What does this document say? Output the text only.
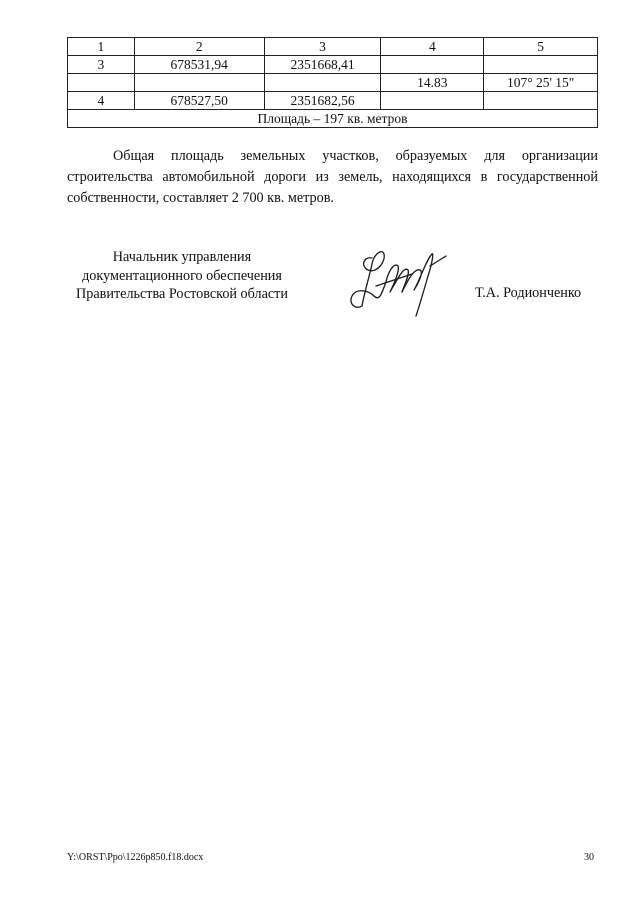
1	2	3	4	5
3	678531,94	2351668,41		
			14.83	107° 25' 15"
4	678527,50	2351682,56		
Площадь – 197 кв. метров				

Общая площадь земельных участков, образуемых для организации строительства автомобильной дороги из земель, находящихся в государственной собственности, составляет 2 700 кв. метров.

Начальник управления
документационного обеспечения
Правительства Ростовской области	Т.А. Родионченко
Y:\ORST\Ppo\1226p850.f18.docx	30
